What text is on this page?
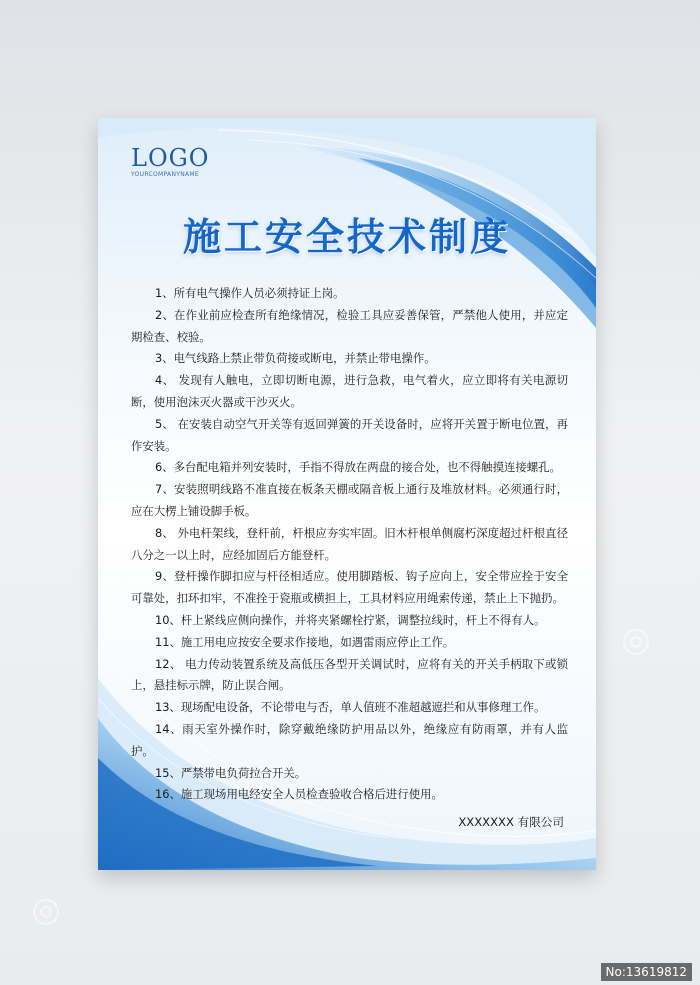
◎
◎
LOGO
YOURCOMPANYNAME
施工安全技术制度
1、所有电气操作人员必须持证上岗。
2、在作业前应检查所有绝缘情况，检验工具应妥善保管，严禁他人使用，并应定期检查、校验。
3、电气线路上禁止带负荷接或断电，并禁止带电操作。
4、 发现有人触电，立即切断电源，进行急救，电气着火，应立即将有关电源切断，使用泡沫灭火器或干沙灭火。
5、 在安装自动空气开关等有返回弹簧的开关设备时，应将开关置于断电位置，再作安装。
6、多台配电箱并列安装时，手指不得放在两盘的接合处，也不得触摸连接螺孔。
7、安装照明线路不准直接在板条天棚或隔音板上通行及堆放材料。必须通行时，应在大楞上铺设脚手板。
8、 外电杆架线，登杆前，杆根应夯实牢固。旧木杆根单侧腐朽深度超过杆根直径八分之一以上时，应经加固后方能登杆。
9、登杆操作脚扣应与杆径相适应。使用脚踏板、钩子应向上，安全带应拴于安全可靠处，扣环扣牢，不准拴于瓷瓶或横担上，工具材料应用绳索传递，禁止上下抛扔。
10、杆上紧线应侧向操作，并将夹紧螺栓拧紧，调整拉线时，杆上不得有人。
11、施工用电应按安全要求作接地，如遇雷雨应停止工作。
12、 电力传动装置系统及高低压各型开关调试时，应将有关的开关手柄取下或锁上，悬挂标示牌，防止误合闸。
13、现场配电设备，不论带电与否，单人值班不准超越遮拦和从事修理工作。
14、雨天室外操作时，除穿戴绝缘防护用品以外，绝缘应有防雨罩，并有人监护。
15、严禁带电负荷拉合开关。
16、施工现场用电经安全人员检查验收合格后进行使用。
XXXXXXX 有限公司
No:13619812
